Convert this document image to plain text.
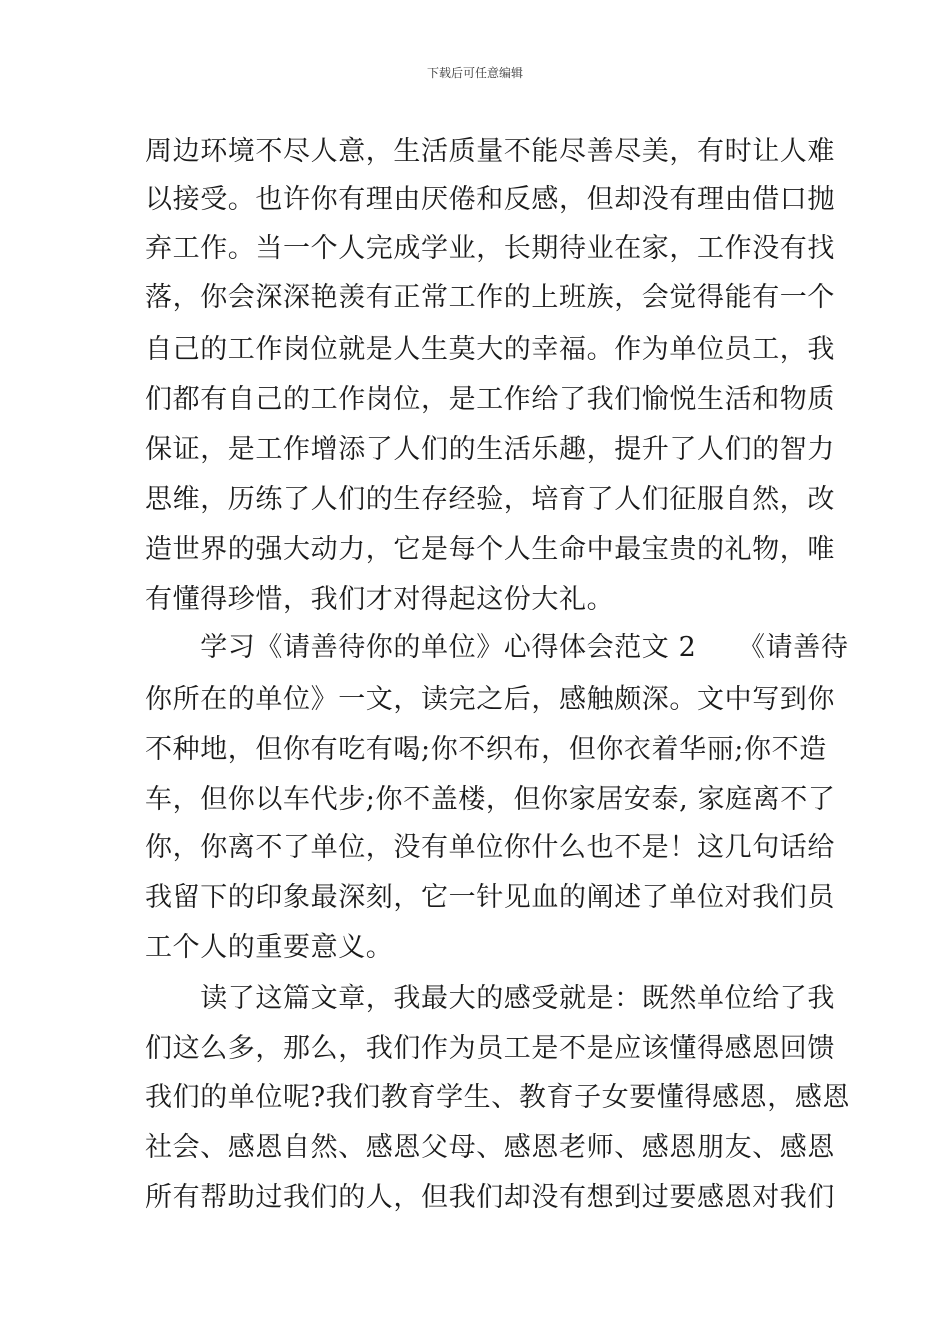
下载后可任意编辑
周边环境不尽人意，生活质量不能尽善尽美，有时让人难
以接受。也许你有理由厌倦和反感，但却没有理由借口抛
弃工作。当一个人完成学业，长期待业在家，工作没有找
落，你会深深艳羡有正常工作的上班族，会觉得能有一个
自己的工作岗位就是人生莫大的幸福。作为单位员工，我
们都有自己的工作岗位，是工作给了我们愉悦生活和物质
保证，是工作增添了人们的生活乐趣，提升了人们的智力
思维，历练了人们的生存经验，培育了人们征服自然，改
造世界的强大动力，它是每个人生命中最宝贵的礼物，唯
有懂得珍惜，我们才对得起这份大礼。
　　学习《请善待你的单位》心得体会范文 2　　《请善待
你所在的单位》一文，读完之后，感触颇深。文中写到你
不种地，但你有吃有喝;你不织布，但你衣着华丽;你不造
车，但你以车代步;你不盖楼，但你家居安泰, 家庭离不了
你，你离不了单位，没有单位你什么也不是！这几句话给
我留下的印象最深刻，它一针见血的阐述了单位对我们员
工个人的重要意义。
　　读了这篇文章，我最大的感受就是：既然单位给了我
们这么多，那么，我们作为员工是不是应该懂得感恩回馈
我们的单位呢?我们教育学生、教育子女要懂得感恩，感恩
社会、感恩自然、感恩父母、感恩老师、感恩朋友、感恩
所有帮助过我们的人，但我们却没有想到过要感恩对我们
